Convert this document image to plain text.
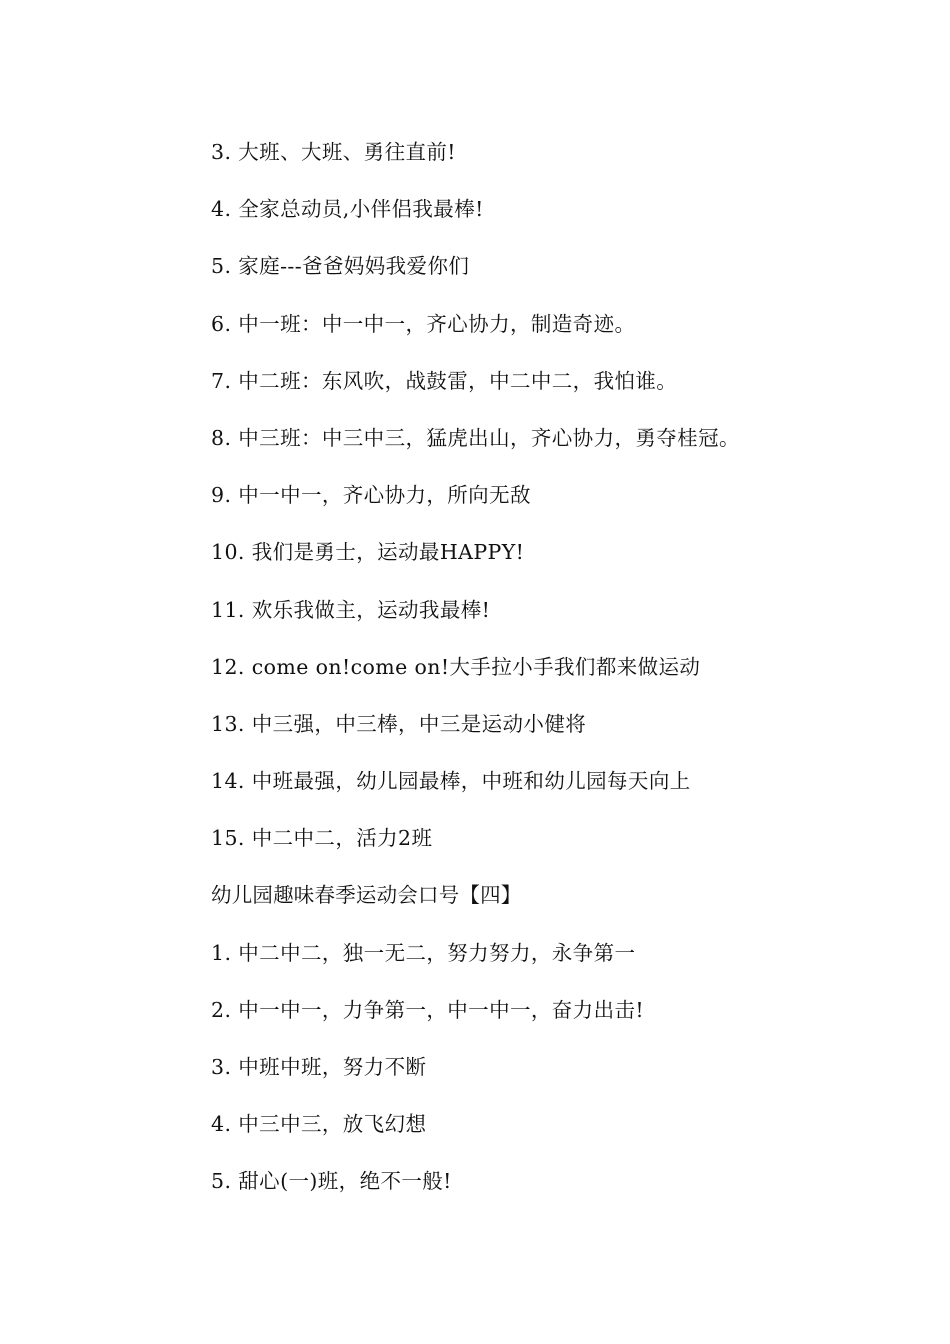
3. 大班、大班、勇往直前!
4. 全家总动员,小伴侣我最棒!
5. 家庭---爸爸妈妈我爱你们
6. 中一班：中一中一，齐心协力，制造奇迹。
7. 中二班：东风吹，战鼓雷，中二中二，我怕谁。
8. 中三班：中三中三，猛虎出山，齐心协力，勇夺桂冠。
9. 中一中一，齐心协力，所向无敌
10. 我们是勇士，运动最HAPPY!
11. 欢乐我做主，运动我最棒!
12. come on!come on!大手拉小手我们都来做运动
13. 中三强，中三棒，中三是运动小健将
14. 中班最强，幼儿园最棒，中班和幼儿园每天向上
15. 中二中二，活力2班
幼儿园趣味春季运动会口号【四】
1. 中二中二，独一无二，努力努力，永争第一
2. 中一中一，力争第一，中一中一，奋力出击!
3. 中班中班，努力不断
4. 中三中三，放飞幻想
5. 甜心(一)班，绝不一般!
